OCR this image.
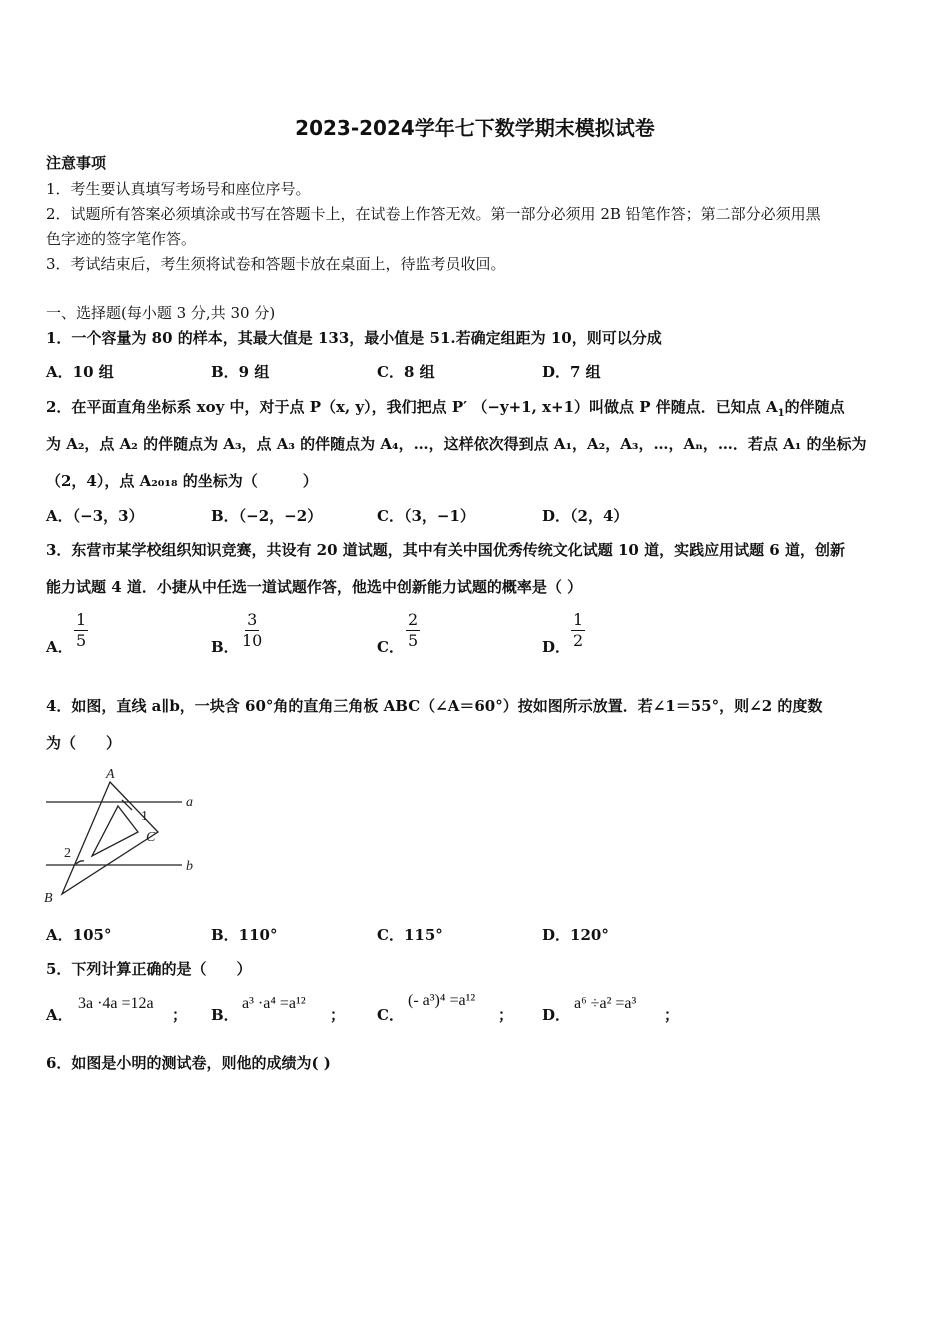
2023-2024学年七下数学期末模拟试卷
注意事项
1．考生要认真填写考场号和座位序号。
2．试题所有答案必须填涂或书写在答题卡上，在试卷上作答无效。第一部分必须用 2B 铅笔作答；第二部分必须用黑
色字迹的签字笔作答。
3．考试结束后，考生须将试卷和答题卡放在桌面上，待监考员收回。
一、选择题(每小题 3 分,共 30 分)
1．一个容量为 80 的样本，其最大值是 133，最小值是 51.若确定组距为 10，则可以分成
A．10 组	B．9 组	C．8 组	D．7 组
2．在平面直角坐标系 xoy 中，对于点 P（x, y），我们把点 P′ （−y+1, x+1）叫做点 P 伴随点．已知点 $A_1$的伴随点
为 A₂，点 A₂ 的伴随点为 A₃，点 A₃ 的伴随点为 A₄，…，这样依次得到点 A₁，A₂，A₃，…，Aₙ，…．若点 A₁ 的坐标为
（2，4），点 A₂₀₁₈ 的坐标为（　　　）
A．（−3，3）	B．（−2，−2）	C．（3，−1）	D．（2，4）
3．东营市某学校组织知识竞赛，共设有 20 道试题，其中有关中国优秀传统文化试题 10 道，实践应用试题 6 道，创新
能力试题 4 道．小捷从中任选一道试题作答，他选中创新能力试题的概率是（ ）
A． $\frac{1}{5}$	B． $\frac{3}{10}$	C． $\frac{2}{5}$	D． $\frac{1}{2}$
4．如图，直线 a∥b，一块含 60°角的直角三角板 ABC（∠A＝60°）按如图所示放置．若∠1＝55°，则∠2 的度数
为（　　）
A
a
1
C
2
b
B
A．105°	B．110°	C．115°	D．120°
5．下列计算正确的是（　　）
A．
3a ·4a =12a
； B．
a³ ·a⁴ =a¹²
； C．
(- a³)⁴ =a¹²
； D．
a⁶ ÷a² =a³
；
6．如图是小明的测试卷，则他的成绩为( )
